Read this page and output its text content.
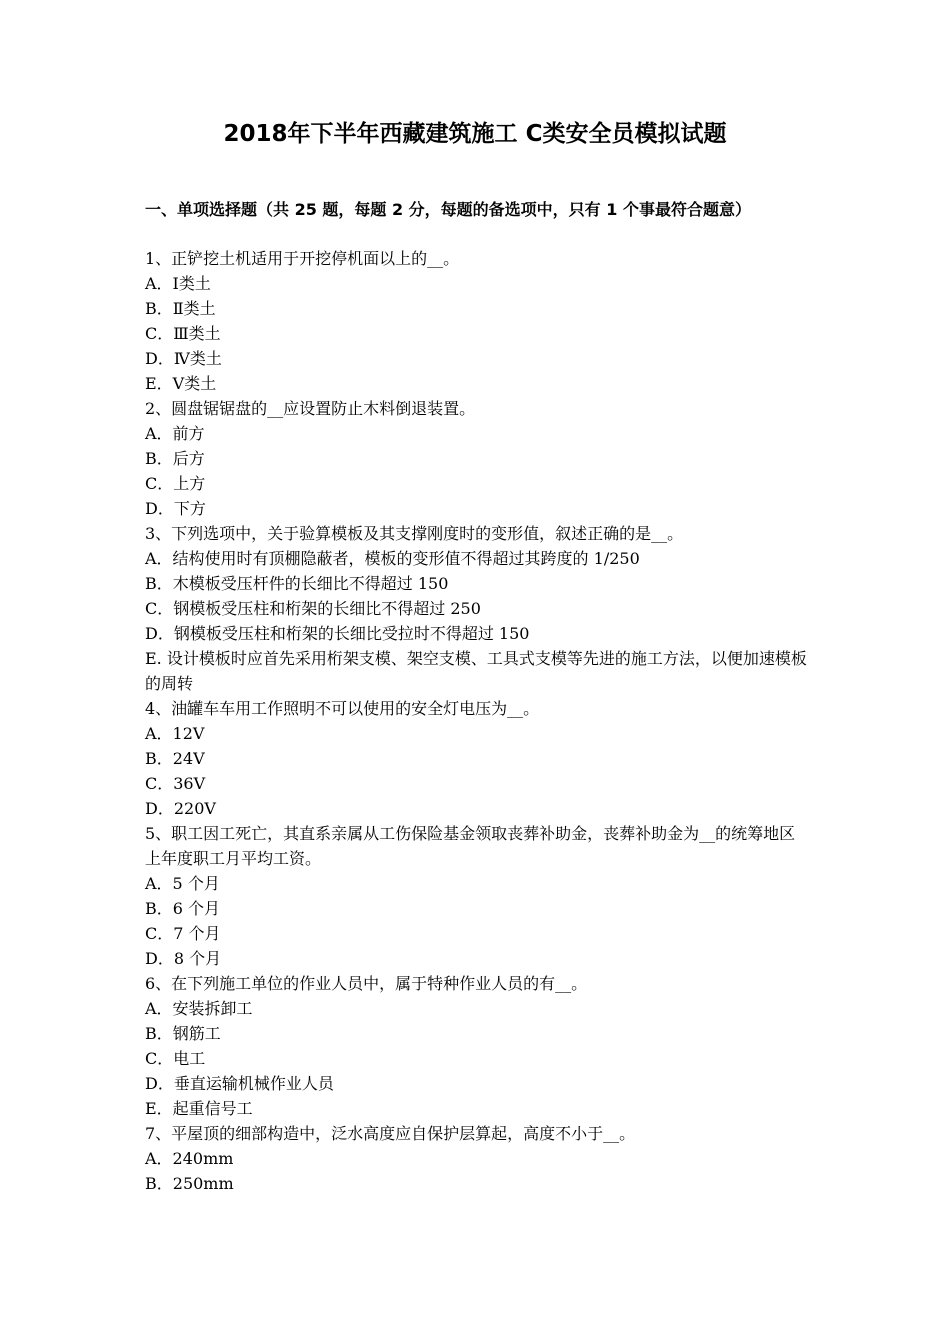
2018年下半年西藏建筑施工 C类安全员模拟试题
一、单项选择题（共 25 题，每题 2 分，每题的备选项中，只有 1 个事最符合题意）

1、正铲挖土机适用于开挖停机面以上的__。

A．Ⅰ类土

B．Ⅱ类土

C．Ⅲ类土

D．Ⅳ类土

E．Ⅴ类土

2、圆盘锯锯盘的__应设置防止木料倒退装置。

A．前方

B．后方

C．上方

D．下方

3、下列选项中，关于验算模板及其支撑刚度时的变形值，叙述正确的是__。

A．结构使用时有顶棚隐蔽者，模板的变形值不得超过其跨度的 1/250

B．木模板受压杆件的长细比不得超过 150

C．钢模板受压柱和桁架的长细比不得超过 250

D．钢模板受压柱和桁架的长细比受拉时不得超过 150

E. 设计模板时应首先采用桁架支模、架空支模、工具式支模等先进的施工方法，以便加速模板的周转

4、油罐车车用工作照明不可以使用的安全灯电压为__。

A．12V

B．24V

C．36V

D．220V

5、职工因工死亡，其直系亲属从工伤保险基金领取丧葬补助金，丧葬补助金为__的统筹地区上年度职工月平均工资。

A．5 个月

B．6 个月

C．7 个月

D．8 个月

6、在下列施工单位的作业人员中，属于特种作业人员的有__。

A．安装拆卸工

B．钢筋工

C．电工

D．垂直运输机械作业人员

E．起重信号工

7、平屋顶的细部构造中，泛水高度应自保护层算起，高度不小于__。

A．240mm

B．250mm
